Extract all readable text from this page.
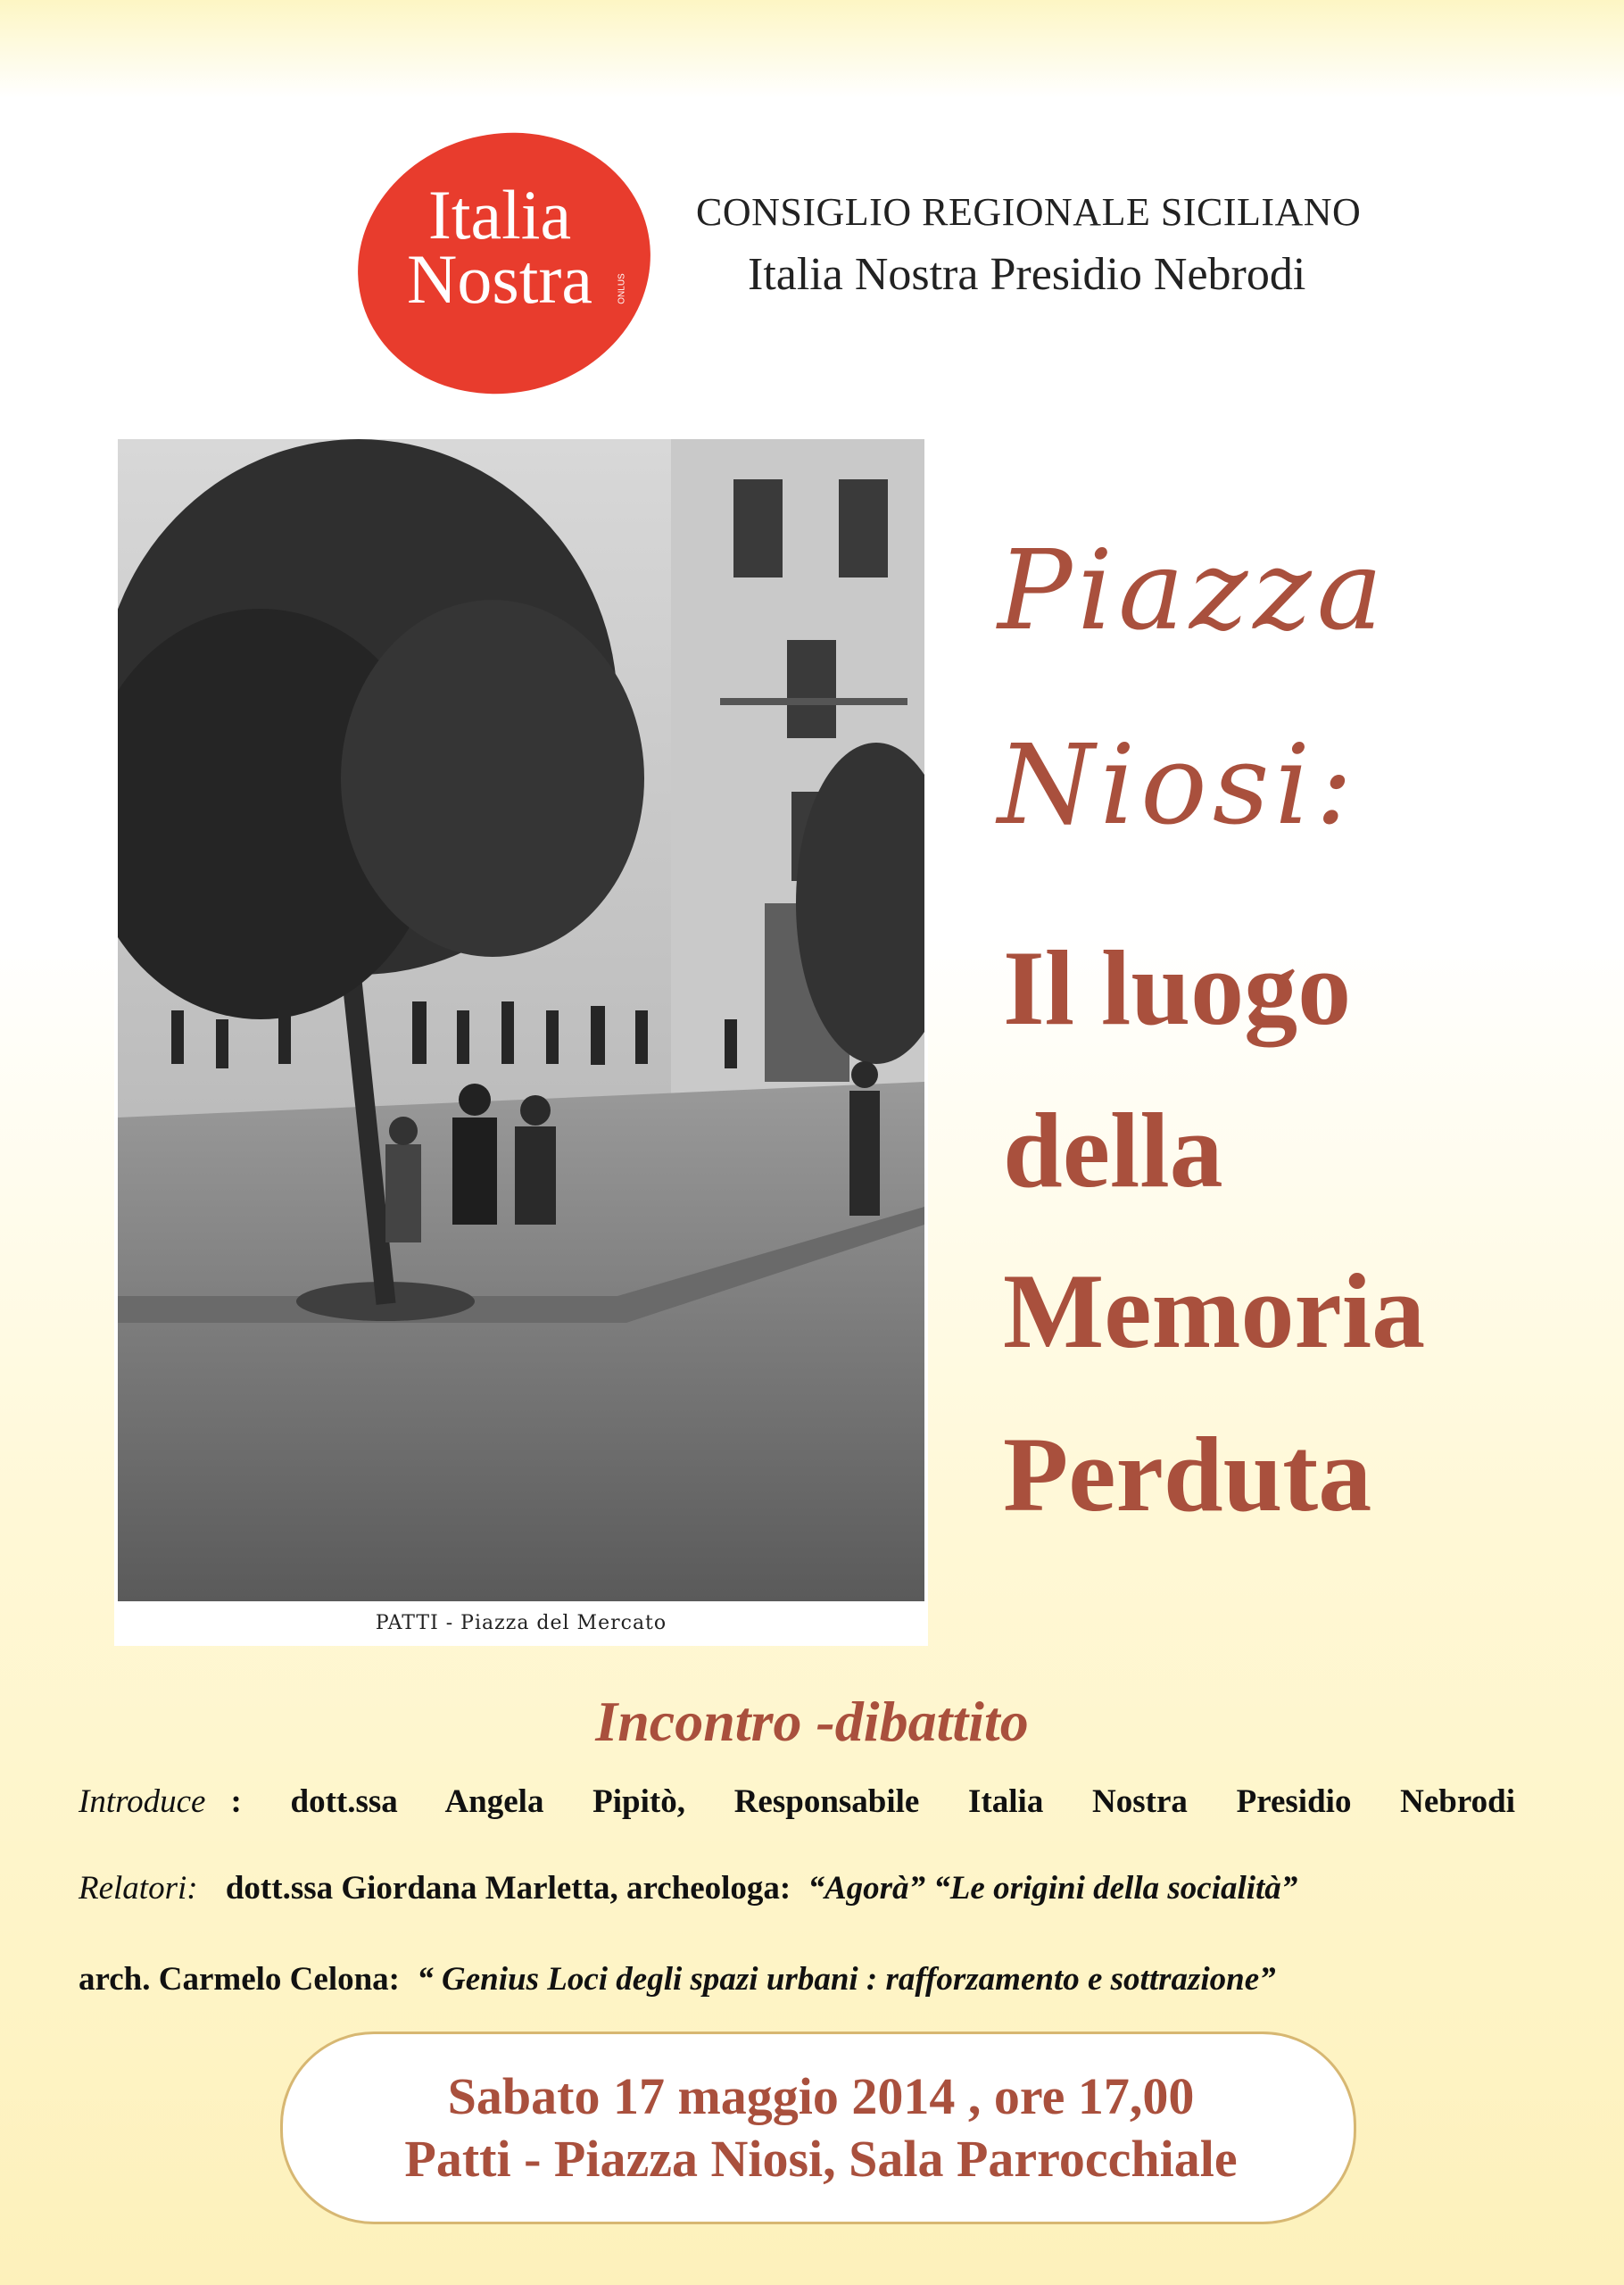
Italia
Nostra	ONLUS
CONSIGLIO REGIONALE SICILIANO
Italia Nostra Presidio Nebrodi
PATTI - Piazza del Mercato
Piazza
Niosi:
Il luogo
della
Memoria
Perduta
Incontro -dibattito
Introduce : dott.ssa Angela Pipitò, Responsabile Italia Nostra Presidio Nebrodi
Relatori: dott.ssa Giordana Marletta, archeologa: “Agorà” “Le origini della socialità”
arch. Carmelo Celona: “ Genius Loci degli spazi urbani : rafforzamento e sottrazione”
Sabato 17 maggio 2014 , ore 17,00
Patti - Piazza Niosi, Sala Parrocchiale
